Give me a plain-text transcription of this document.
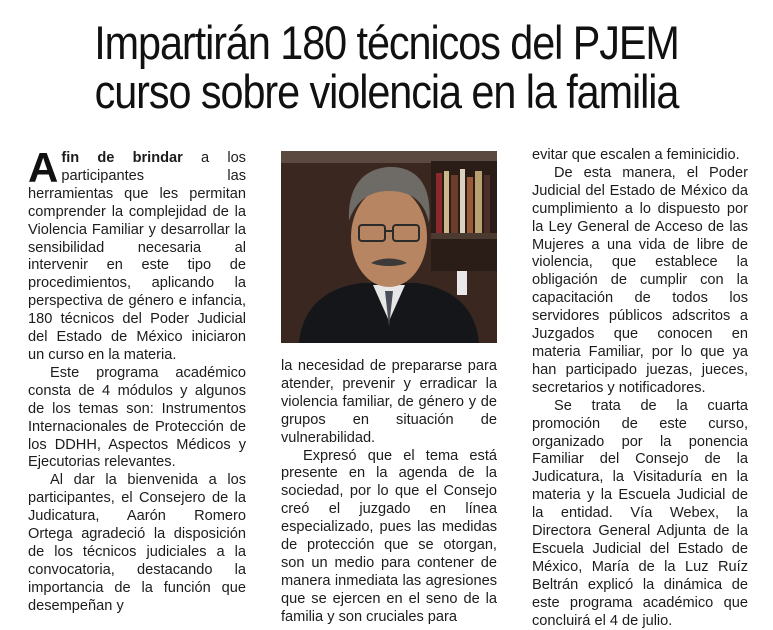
Impartirán 180 técnicos del PJEM
curso sobre violencia en la familia

Afin de brindar a los participantes las herramientas que les permitan comprender la complejidad de la Violencia Familiar y desarrollar la sensibilidad necesaria al intervenir en este tipo de procedimientos, aplicando la perspectiva de género e infancia, 180 técnicos del Poder Judicial del Estado de México iniciaron un curso en la materia.

Este programa académico consta de 4 módulos y algunos de los temas son: Instrumentos Internacionales de Protección de los DDHH, Aspectos Médicos y Ejecutorias relevantes.

Al dar la bienvenida a los participantes, el Consejero de la Judicatura, Aarón Romero Ortega agradeció la disposición de los técnicos judiciales a la convocatoria, destacando la importancia de la función que desempeñan y

la necesidad de prepararse para atender, prevenir y erradicar la violencia familiar, de género y de grupos en situación de vulnerabilidad.

Expresó que el tema está presente en la agenda de la sociedad, por lo que el Consejo creó el juzgado en línea especializado, pues las medidas de protección que se otorgan, son un medio para contener de manera inmediata las agresiones que se ejercen en el seno de la familia y son cruciales para

evitar que escalen a feminicidio.

De esta manera, el Poder Judicial del Estado de México da cumplimiento a lo dispuesto por la Ley General de Acceso de las Mujeres a una vida de libre de violencia, que establece la obligación de cumplir con la capacitación de todos los servidores públicos adscritos a Juzgados que conocen en materia Familiar, por lo que ya han participado juezas, jueces, secretarios y notificadores.

Se trata de la cuarta promoción de este curso, organizado por la ponencia Familiar del Consejo de la Judicatura, la Visitaduría en la materia y la Escuela Judicial de la entidad. Vía Webex, la Directora General Adjunta de la Escuela Judicial del Estado de México, María de la Luz Ruíz Beltrán explicó la dinámica de este programa académico que concluirá el 4 de julio.
